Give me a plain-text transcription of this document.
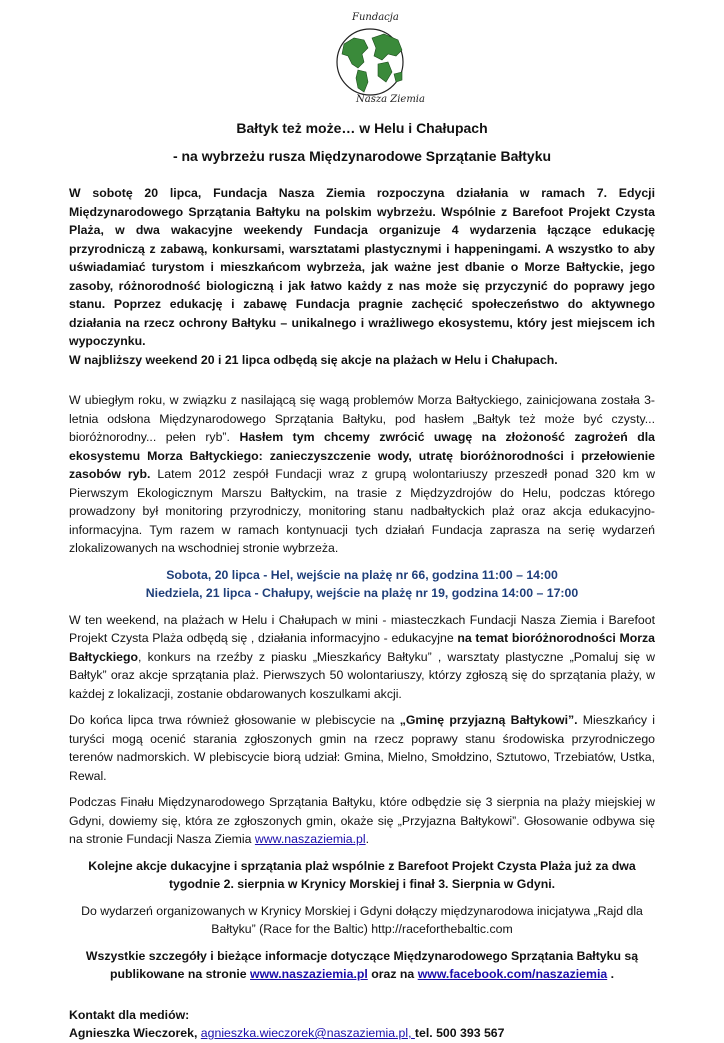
Fundacja
Nasza Ziemia
Bałtyk też może… w Helu i Chałupach
- na wybrzeżu rusza Międzynarodowe Sprzątanie Bałtyku

W sobotę 20 lipca, Fundacja Nasza Ziemia rozpoczyna działania w ramach 7. Edycji Międzynarodowego Sprzątania Bałtyku na polskim wybrzeżu. Wspólnie z Barefoot Projekt Czysta Plaża, w dwa wakacyjne weekendy Fundacja organizuje 4 wydarzenia łączące edukację przyrodniczą z zabawą, konkursami, warsztatami plastycznymi i happeningami. A wszystko to aby uświadamiać turystom i mieszkańcom wybrzeża, jak ważne jest dbanie o Morze Bałtyckie, jego zasoby, różnorodność biologiczną i jak łatwo każdy z nas może się przyczynić do poprawy jego stanu. Poprzez edukację i zabawę Fundacja pragnie zachęcić społeczeństwo do aktywnego działania na rzecz ochrony Bałtyku – unikalnego i wrażliwego ekosystemu, który jest miejscem ich wypoczynku.

W najbliższy weekend 20 i 21 lipca odbędą się akcje na plażach w Helu i Chałupach.

W ubiegłym roku, w związku z nasilającą się wagą problemów Morza Bałtyckiego, zainicjowana została 3-letnia odsłona Międzynarodowego Sprzątania Bałtyku, pod hasłem „Bałtyk też może być czysty... bioróżnorodny... pełen ryb”. Hasłem tym chcemy zwrócić uwagę na złożoność zagrożeń dla ekosystemu Morza Bałtyckiego: zanieczyszczenie wody, utratę bioróżnorodności i przełowienie zasobów ryb. Latem 2012 zespół Fundacji wraz z grupą wolontariuszy przeszedł ponad 320 km w Pierwszym Ekologicznym Marszu Bałtyckim, na trasie z Międzyzdrojów do Helu, podczas którego prowadzony był monitoring przyrodniczy, monitoring stanu nadbałtyckich plaż oraz akcja edukacyjno-informacyjna. Tym razem w ramach kontynuacji tych działań Fundacja zaprasza na serię wydarzeń zlokalizowanych na wschodniej stronie wybrzeża.

Sobota, 20 lipca - Hel, wejście na plażę nr 66, godzina 11:00 – 14:00

Niedziela, 21 lipca - Chałupy, wejście na plażę nr 19, godzina 14:00 – 17:00

W ten weekend, na plażach w Helu i Chałupach w mini - miasteczkach Fundacji Nasza Ziemia i Barefoot Projekt Czysta Plaża odbędą się , działania informacyjno - edukacyjne na temat bioróżnorodności Morza Bałtyckiego, konkurs na rzeźby z piasku „Mieszkańcy Bałtyku” , warsztaty plastyczne „Pomaluj się w Bałtyk” oraz akcje sprzątania plaż. Pierwszych 50 wolontariuszy, którzy zgłoszą się do sprzątania plaży, w każdej z lokalizacji, zostanie obdarowanych koszulkami akcji.

Do końca lipca trwa również głosowanie w plebiscycie na „Gminę przyjazną Bałtykowi”. Mieszkańcy i turyści mogą ocenić starania zgłoszonych gmin na rzecz poprawy stanu środowiska przyrodniczego terenów nadmorskich. W plebiscycie biorą udział: Gmina, Mielno, Smołdzino, Sztutowo, Trzebiatów, Ustka, Rewal.

Podczas Finału Międzynarodowego Sprzątania Bałtyku, które odbędzie się 3 sierpnia na plaży miejskiej w Gdyni, dowiemy się, która ze zgłoszonych gmin, okaże się „Przyjazna Bałtykowi”. Głosowanie odbywa się na stronie Fundacji Nasza Ziemia www.naszaziemia.pl.

Kolejne akcje dukacyjne i sprzątania plaż wspólnie z Barefoot Projekt Czysta Plaża już za dwa tygodnie 2. sierpnia w Krynicy Morskiej i finał 3. Sierpnia w Gdyni.

Do wydarzeń organizowanych w Krynicy Morskiej i Gdyni dołączy międzynarodowa inicjatywa „Rajd dla Bałtyku” (Race for the Baltic) http://raceforthebaltic.com

Wszystkie szczegóły i bieżące informacje dotyczące Międzynarodowego Sprzątania Bałtyku są publikowane na stronie www.naszaziemia.pl oraz na www.facebook.com/naszaziemia .

Kontakt dla mediów:

Agnieszka Wieczorek, agnieszka.wieczorek@naszaziemia.pl, tel. 500 393 567
